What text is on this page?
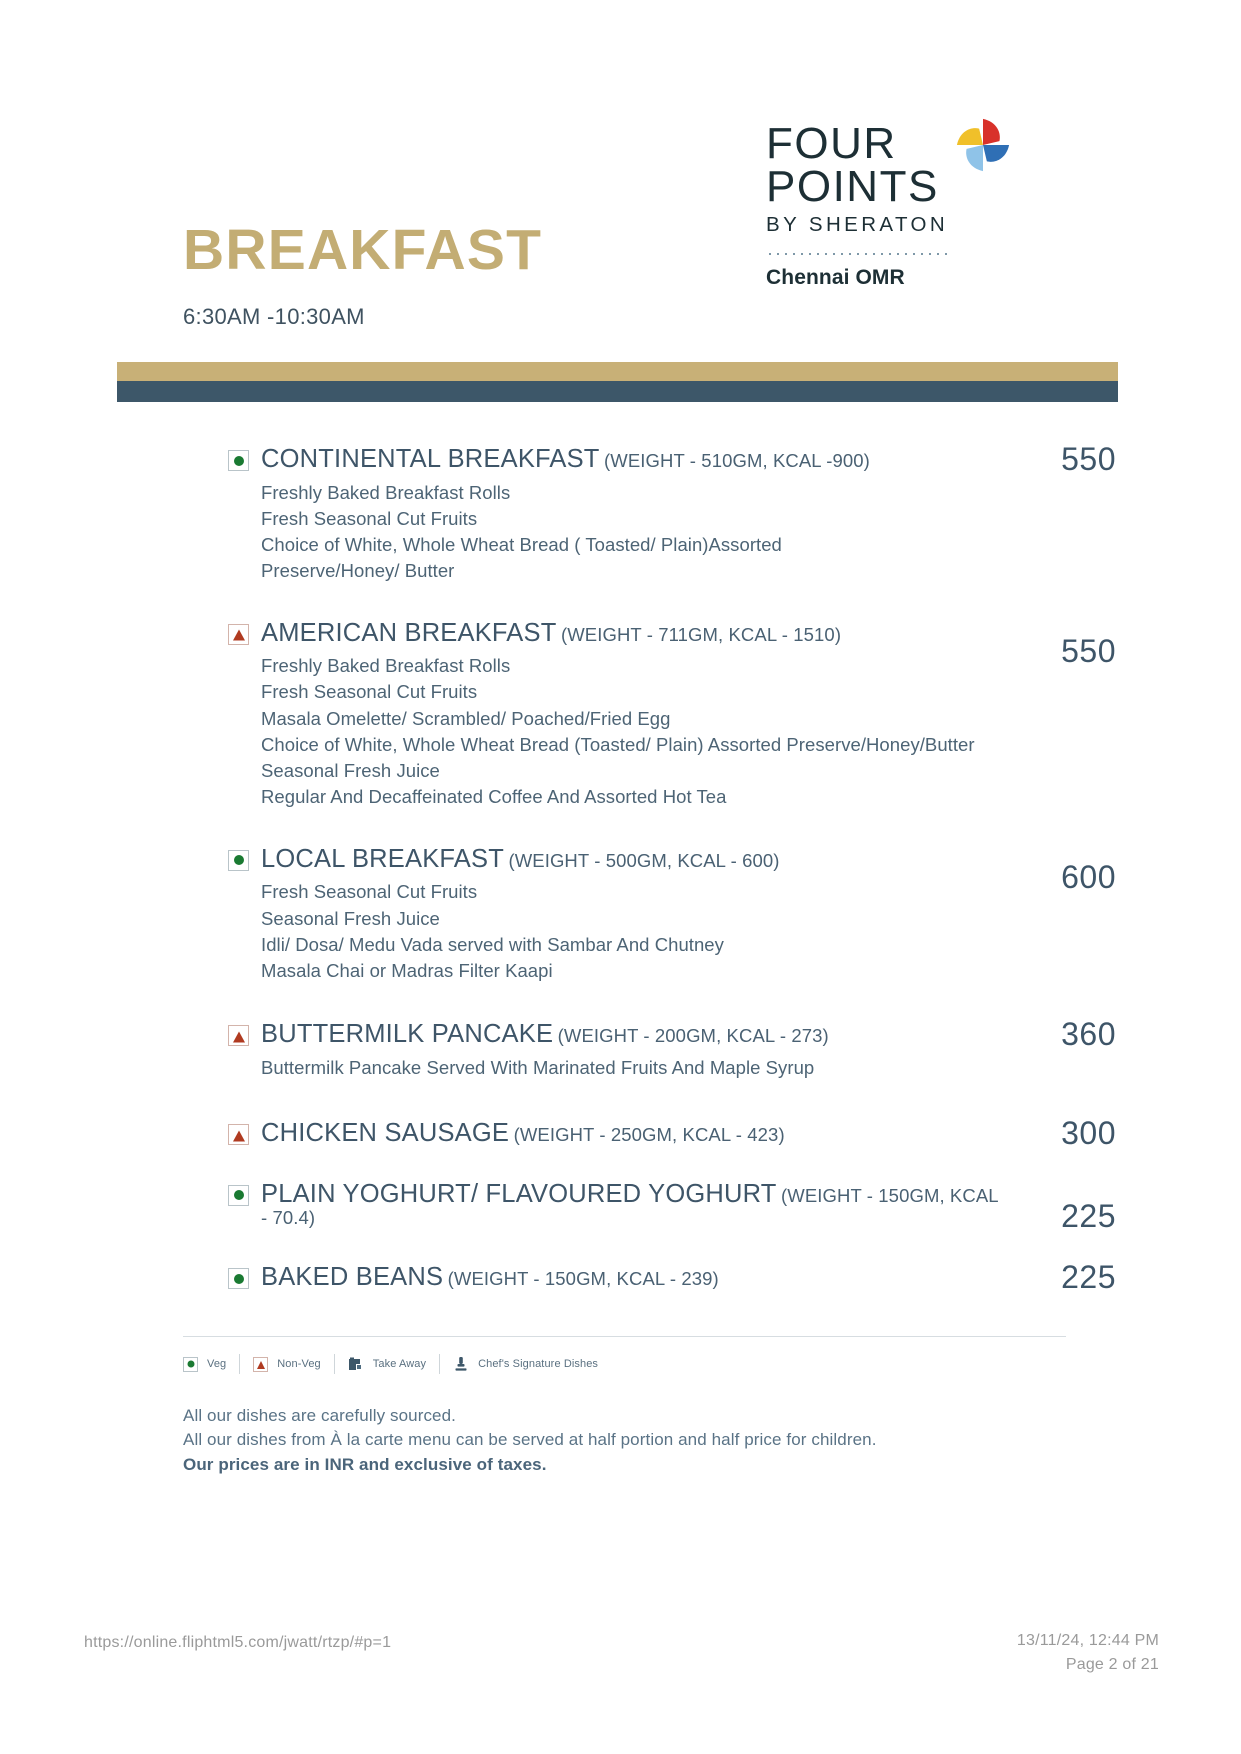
BREAKFAST
6:30AM -10:30AM
FOUR
POINTS
BY SHERATON
Chennai OMR
CONTINENTAL BREAKFAST (WEIGHT - 510GM, KCAL -900)
Freshly Baked Breakfast Rolls
Fresh Seasonal Cut Fruits
Choice of White, Whole Wheat Bread ( Toasted/ Plain)Assorted
Preserve/Honey/ Butter
550
AMERICAN BREAKFAST (WEIGHT - 711GM, KCAL - 1510)
Freshly Baked Breakfast Rolls
Fresh Seasonal Cut Fruits
Masala Omelette/ Scrambled/ Poached/Fried Egg
Choice of White, Whole Wheat Bread (Toasted/ Plain) Assorted Preserve/Honey/Butter
Seasonal Fresh Juice
Regular And Decaffeinated Coffee And Assorted Hot Tea
550
LOCAL BREAKFAST (WEIGHT - 500GM, KCAL - 600)
Fresh Seasonal Cut Fruits
Seasonal Fresh Juice
Idli/ Dosa/ Medu Vada served with Sambar And Chutney
Masala Chai or Madras Filter Kaapi
600
BUTTERMILK PANCAKE (WEIGHT - 200GM, KCAL - 273)
Buttermilk Pancake Served With Marinated Fruits And Maple Syrup
360
CHICKEN SAUSAGE (WEIGHT - 250GM, KCAL - 423)	300
PLAIN YOGHURT/ FLAVOURED YOGHURT (WEIGHT - 150GM, KCAL - 70.4)	225
BAKED BEANS (WEIGHT - 150GM, KCAL - 239)	225
Veg	Non-Veg	Take Away	Chef's Signature Dishes
All our dishes are carefully sourced.
All our dishes from À la carte menu can be served at half portion and half price for children.
Our prices are in INR and exclusive of taxes.
https://online.fliphtml5.com/jwatt/rtzp/#p=1	13/11/24, 12:44 PM
Page 2 of 21
